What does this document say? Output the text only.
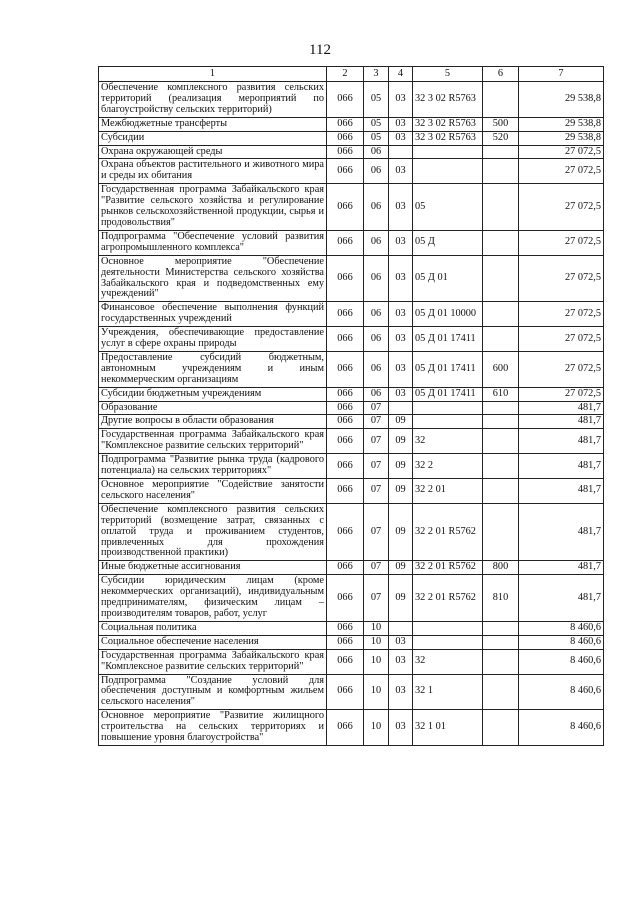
112
1	2	3	4	5	6	7
Обеспечение комплексного развития сельских территорий (реализация мероприятий по благоустройству сельских территорий)	066	05	03	32 3 02 R5763		29 538,8
Межбюджетные трансферты	066	05	03	32 3 02 R5763	500	29 538,8
Субсидии	066	05	03	32 3 02 R5763	520	29 538,8
Охрана окружающей среды	066	06				27 072,5
Охрана объектов растительного и животного мира и среды их обитания	066	06	03			27 072,5
Государственная программа Забайкальского края "Развитие сельского хозяйства и регулирование рынков сельскохозяйственной продукции, сырья и продовольствия"	066	06	03	05		27 072,5
Подпрограмма "Обеспечение условий развития агропромышленного комплекса"	066	06	03	05 Д		27 072,5
Основное мероприятие "Обеспечение деятельности Министерства сельского хозяйства Забайкальского края и подведомственных ему учреждений"	066	06	03	05 Д 01		27 072,5
Финансовое обеспечение выполнения функций государственных учреждений	066	06	03	05 Д 01 10000		27 072,5
Учреждения, обеспечивающие предоставление услуг в сфере охраны природы	066	06	03	05 Д 01 17411		27 072,5
Предоставление субсидий бюджетным, автономным учреждениям и иным некоммерческим организациям	066	06	03	05 Д 01 17411	600	27 072,5
Субсидии бюджетным учреждениям	066	06	03	05 Д 01 17411	610	27 072,5
Образование	066	07				481,7
Другие вопросы в области образования	066	07	09			481,7
Государственная программа Забайкальского края "Комплексное развитие сельских территорий"	066	07	09	32		481,7
Подпрограмма "Развитие рынка труда (кадрового потенциала) на сельских территориях"	066	07	09	32 2		481,7
Основное мероприятие "Содействие занятости сельского населения"	066	07	09	32 2 01		481,7
Обеспечение комплексного развития сельских территорий (возмещение затрат, связанных с оплатой труда и проживанием студентов, привлеченных для прохождения производственной практики)	066	07	09	32 2 01 R5762		481,7
Иные бюджетные ассигнования	066	07	09	32 2 01 R5762	800	481,7
Субсидии юридическим лицам (кроме некоммерческих организаций), индивидуальным предпринимателям, физическим лицам – производителям товаров, работ, услуг	066	07	09	32 2 01 R5762	810	481,7
Социальная политика	066	10				8 460,6
Социальное обеспечение населения	066	10	03			8 460,6
Государственная программа Забайкальского края "Комплексное развитие сельских территорий"	066	10	03	32		8 460,6
Подпрограмма "Создание условий для обеспечения доступным и комфортным жильем сельского населения"	066	10	03	32 1		8 460,6
Основное мероприятие "Развитие жилищного строительства на сельских территориях и повышение уровня благоустройства"	066	10	03	32 1 01		8 460,6
